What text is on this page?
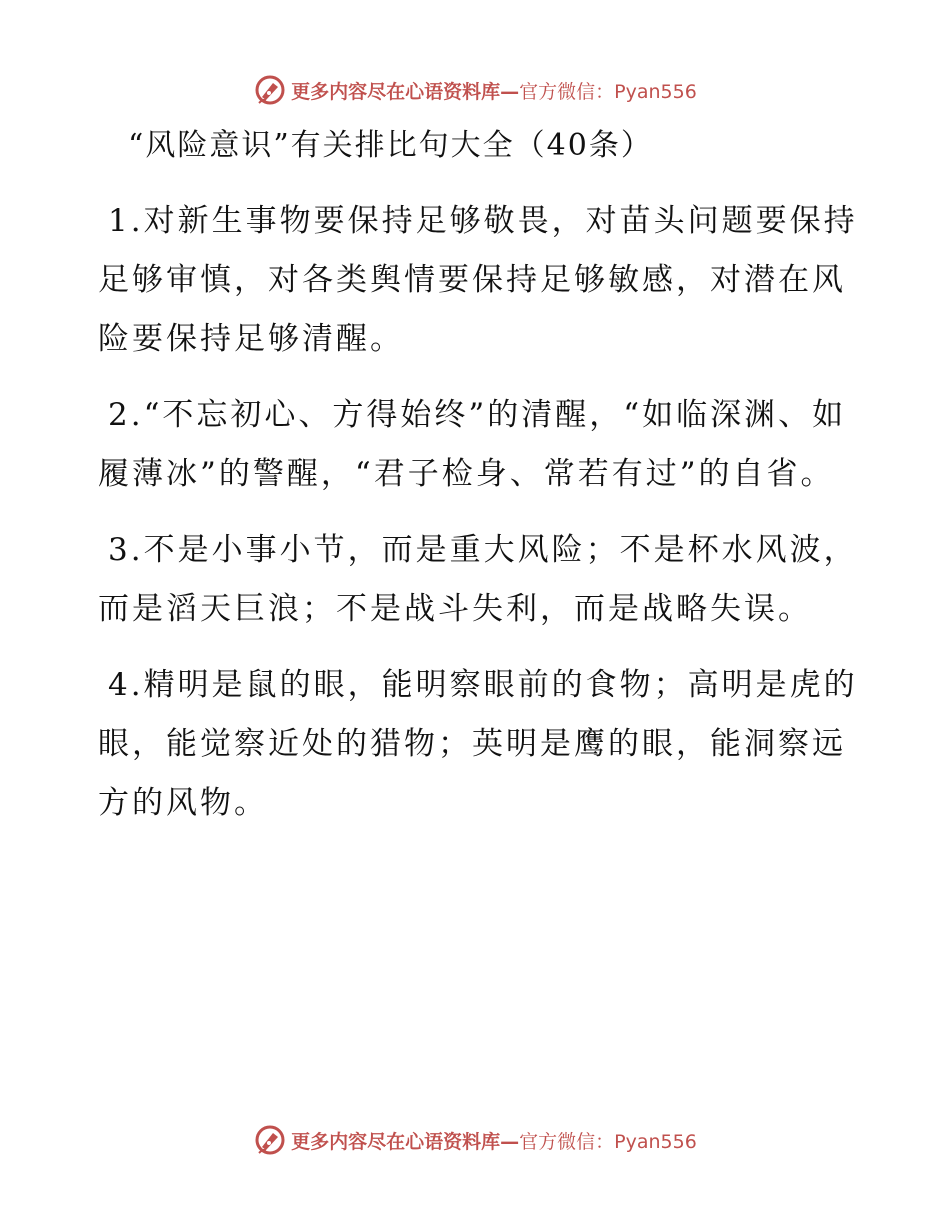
更多内容尽在心语资料库— 官方微信：Pyan556
“风险意识”有关排比句大全（40条）

1.对新生事物要保持足够敬畏，对苗头问题要保持足够审慎，对各类舆情要保持足够敏感，对潜在风险要保持足够清醒。

2.“不忘初心、方得始终”的清醒，“如临深渊、如履薄冰”的警醒，“君子检身、常若有过”的自省。

3.不是小事小节，而是重大风险；不是杯水风波，而是滔天巨浪；不是战斗失利，而是战略失误。

4.精明是鼠的眼，能明察眼前的食物；高明是虎的眼，能觉察近处的猎物；英明是鹰的眼，能洞察远方的风物。

更多内容尽在心语资料库— 官方微信：Pyan556
